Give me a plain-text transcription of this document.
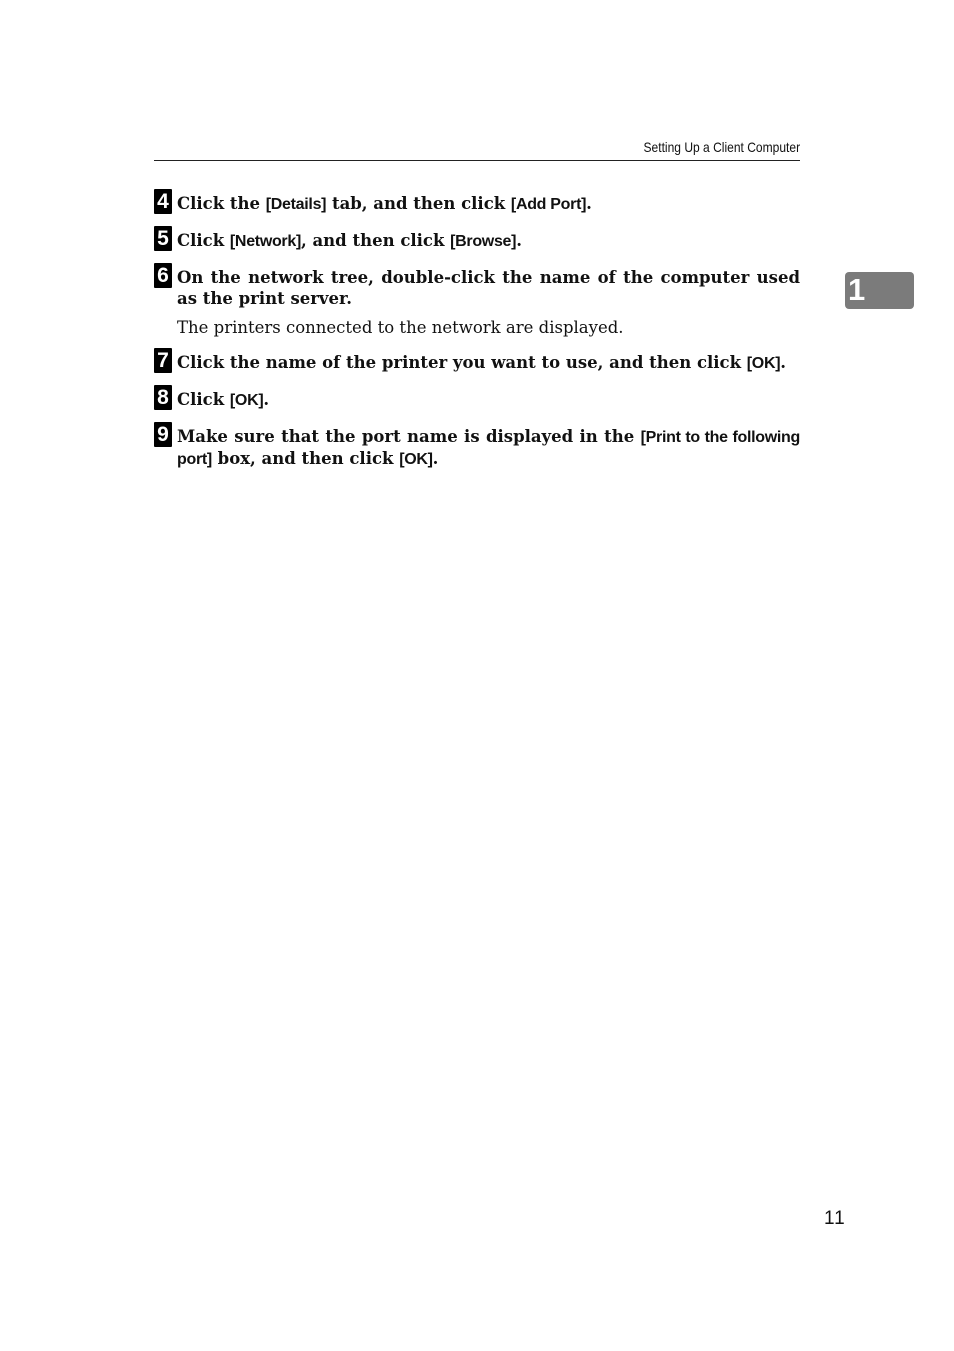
Setting Up a Client Computer
1
4 Click the [Details] tab, and then click [Add Port].
5 Click [Network], and then click [Browse].
6 On the network tree, double-click the name of the computer used as the print server.
The printers connected to the network are displayed.
7 Click the name of the printer you want to use, and then click [OK].
8 Click [OK].
9 Make sure that the port name is displayed in the [Print to the following port] box, and then click [OK].
11
